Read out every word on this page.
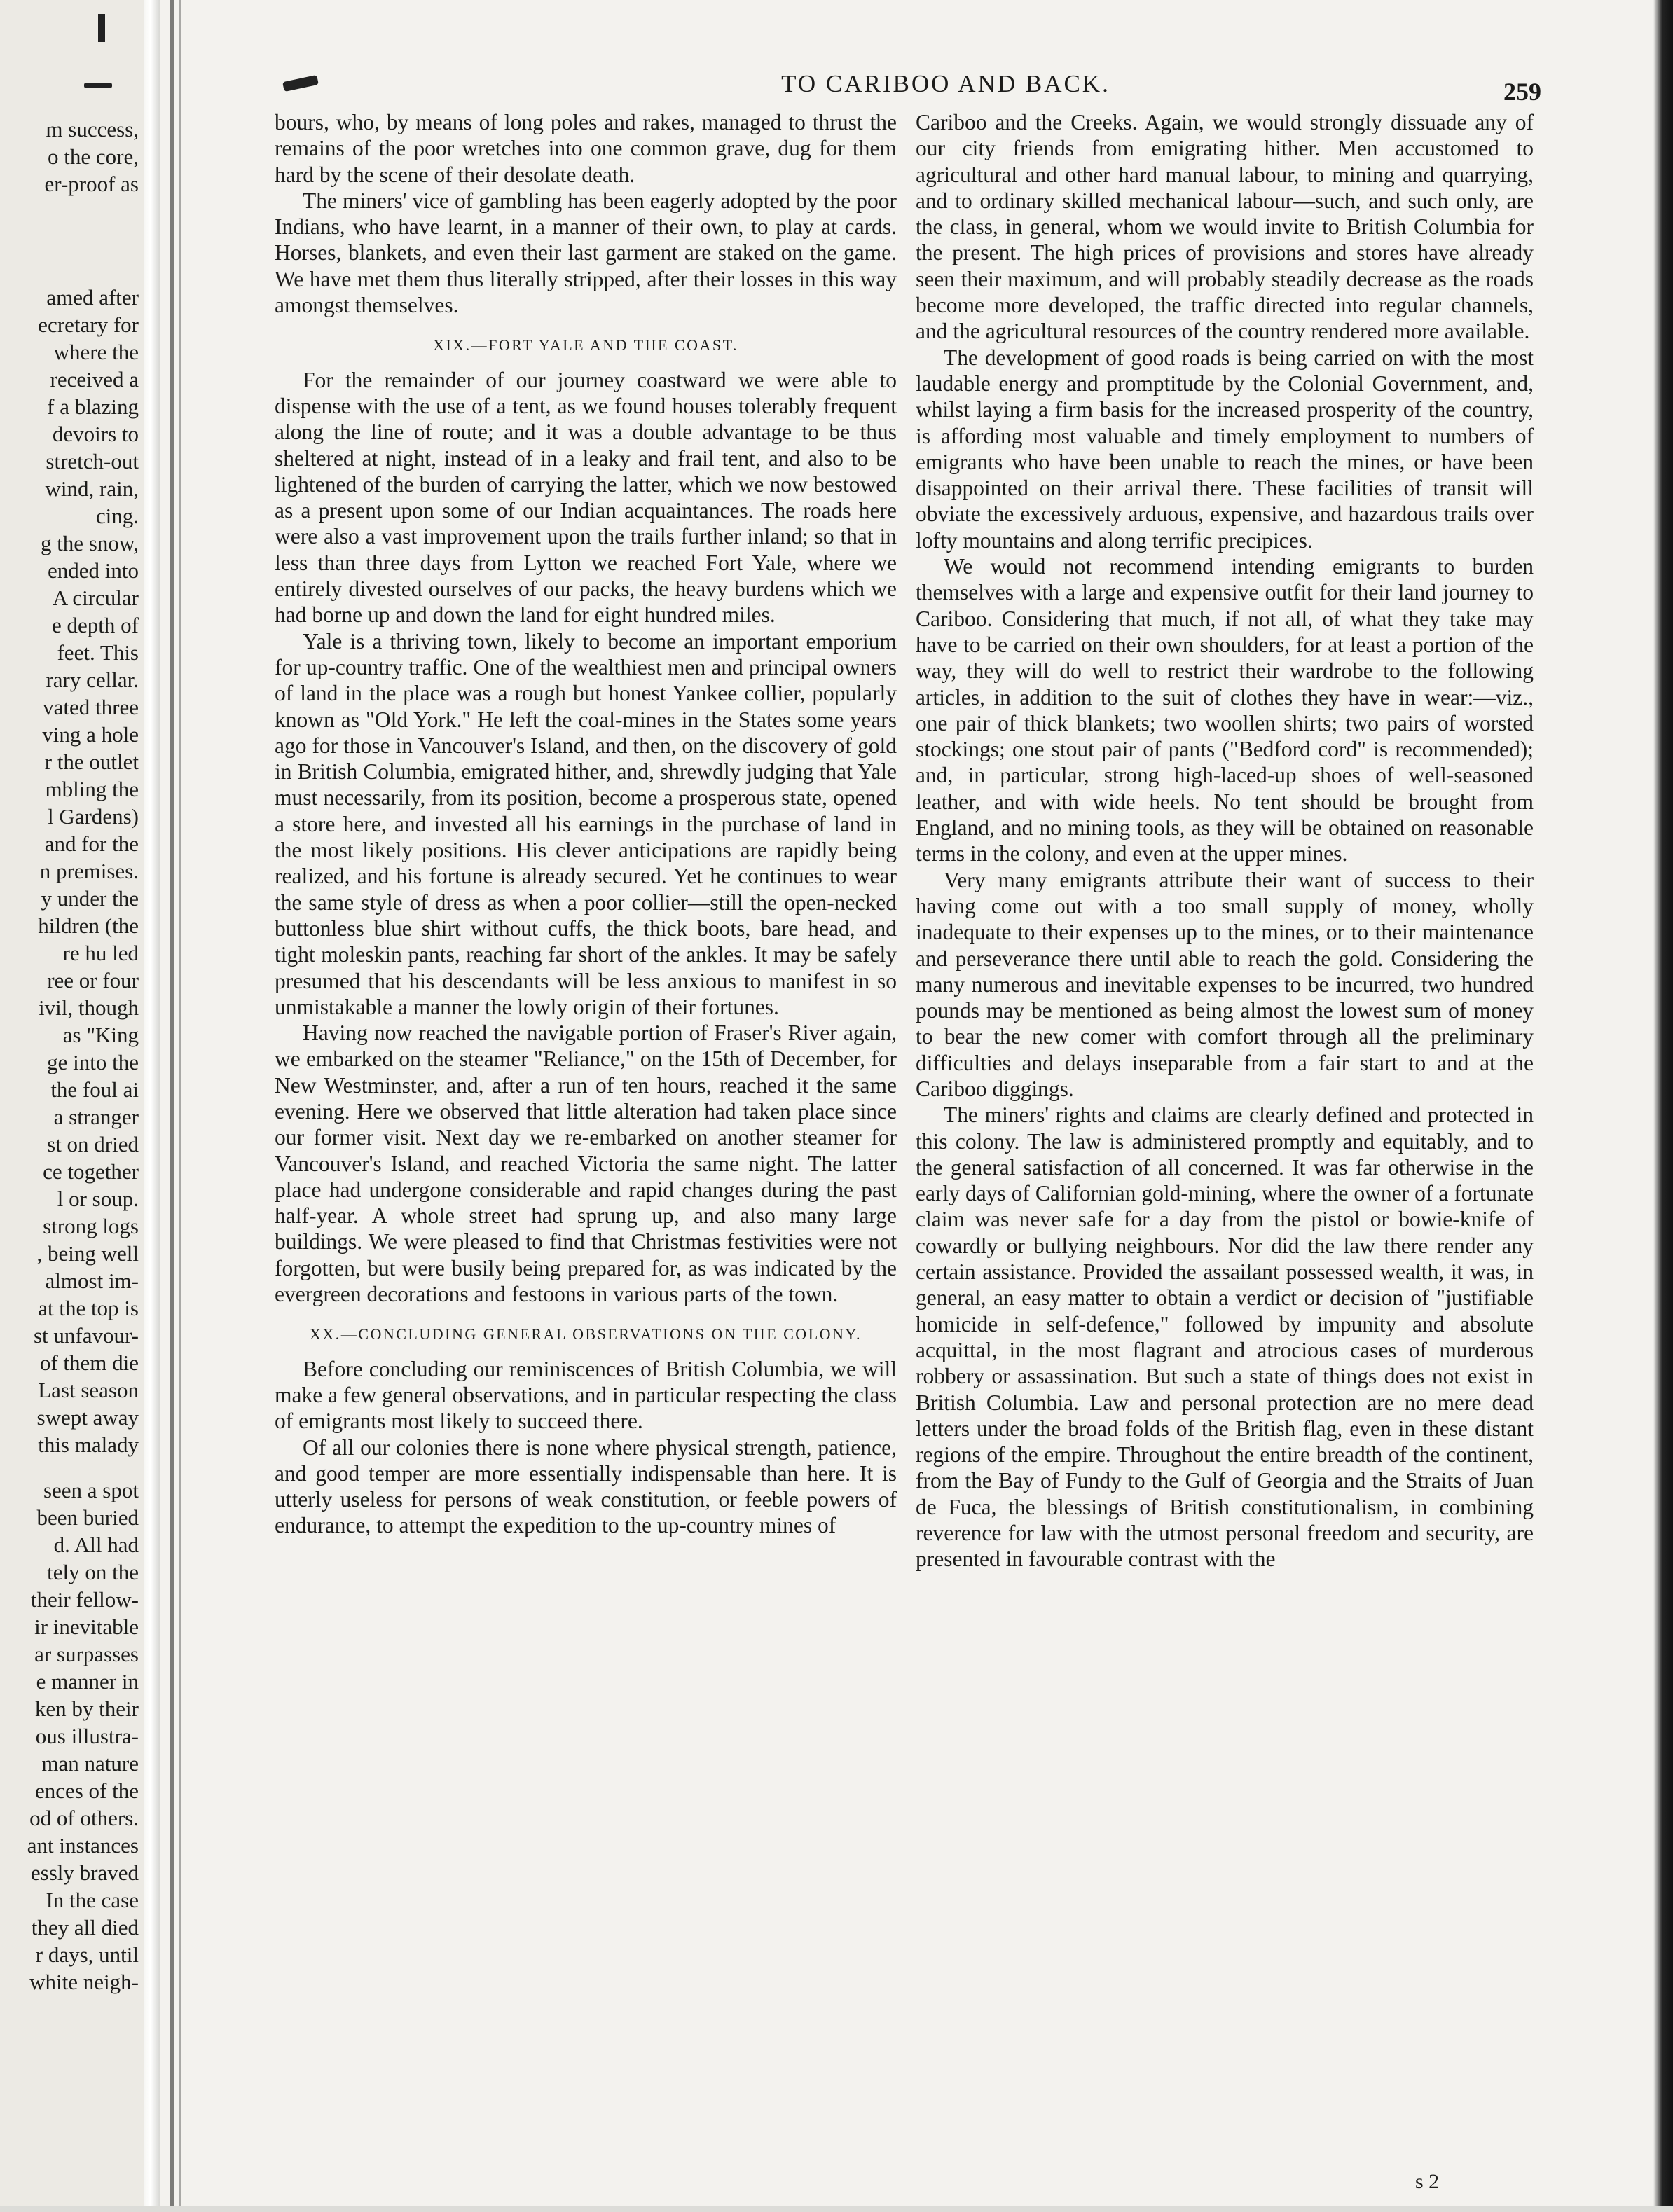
m success,
o the core,
er-proof as
amed after
ecretary for
where the
received a
f a blazing
devoirs to
stretch-out
wind, rain,
cing.
g the snow,
ended into
A circular
e depth of
feet. This
rary cellar.
vated three
ving a hole
r the outlet
mbling the
l Gardens)
and for the
n premises.
y under the
hildren (the
re hu led
ree or four
ivil, though
as "King
ge into the
the foul ai
a stranger
st on dried
ce together
l or soup.
strong logs
, being well
almost im-
at the top is
st unfavour-
of them die
Last season
swept away
this malady
seen a spot
been buried
d. All had
tely on the
their fellow-
ir inevitable
ar surpasses
e manner in
ken by their
ous illustra-
man nature
ences of the
od of others.
ant instances
essly braved
In the case
they all died
r days, until
white neigh-
TO CARIBOO AND BACK.	259

bours, who, by means of long poles and rakes, managed to thrust the remains of the poor wretches into one common grave, dug for them hard by the scene of their desolate death.

The miners' vice of gambling has been eagerly adopted by the poor Indians, who have learnt, in a manner of their own, to play at cards. Horses, blankets, and even their last garment are staked on the game. We have met them thus literally stripped, after their losses in this way amongst themselves.

XIX.—FORT YALE AND THE COAST.

For the remainder of our journey coastward we were able to dispense with the use of a tent, as we found houses tolerably frequent along the line of route; and it was a double advantage to be thus sheltered at night, instead of in a leaky and frail tent, and also to be lightened of the burden of carrying the latter, which we now bestowed as a present upon some of our Indian acquaintances. The roads here were also a vast improvement upon the trails further inland; so that in less than three days from Lytton we reached Fort Yale, where we entirely divested ourselves of our packs, the heavy burdens which we had borne up and down the land for eight hundred miles.

Yale is a thriving town, likely to become an important emporium for up-country traffic. One of the wealthiest men and principal owners of land in the place was a rough but honest Yankee collier, popularly known as "Old York." He left the coal-mines in the States some years ago for those in Vancouver's Island, and then, on the discovery of gold in British Columbia, emigrated hither, and, shrewdly judging that Yale must necessarily, from its position, become a prosperous state, opened a store here, and invested all his earnings in the purchase of land in the most likely positions. His clever anticipations are rapidly being realized, and his fortune is already secured. Yet he continues to wear the same style of dress as when a poor collier—still the open-necked buttonless blue shirt without cuffs, the thick boots, bare head, and tight moleskin pants, reaching far short of the ankles. It may be safely presumed that his descendants will be less anxious to manifest in so unmistakable a manner the lowly origin of their fortunes.

Having now reached the navigable portion of Fraser's River again, we embarked on the steamer "Reliance," on the 15th of December, for New Westminster, and, after a run of ten hours, reached it the same evening. Here we observed that little alteration had taken place since our former visit. Next day we re-embarked on another steamer for Vancouver's Island, and reached Victoria the same night. The latter place had undergone considerable and rapid changes during the past half-year. A whole street had sprung up, and also many large buildings. We were pleased to find that Christmas festivities were not forgotten, but were busily being prepared for, as was indicated by the evergreen decorations and festoons in various parts of the town.

XX.—CONCLUDING GENERAL OBSERVATIONS ON THE COLONY.

Before concluding our reminiscences of British Columbia, we will make a few general observations, and in particular respecting the class of emigrants most likely to succeed there.

Of all our colonies there is none where physical strength, patience, and good temper are more essentially indispensable than here. It is utterly useless for persons of weak constitution, or feeble powers of endurance, to attempt the expedition to the up-country mines of

Cariboo and the Creeks. Again, we would strongly dissuade any of our city friends from emigrating hither. Men accustomed to agricultural and other hard manual labour, to mining and quarrying, and to ordinary skilled mechanical labour—such, and such only, are the class, in general, whom we would invite to British Columbia for the present. The high prices of provisions and stores have already seen their maximum, and will probably steadily decrease as the roads become more developed, the traffic directed into regular channels, and the agricultural resources of the country rendered more available.

The development of good roads is being carried on with the most laudable energy and promptitude by the Colonial Government, and, whilst laying a firm basis for the increased prosperity of the country, is affording most valuable and timely employment to numbers of emigrants who have been unable to reach the mines, or have been disappointed on their arrival there. These facilities of transit will obviate the excessively arduous, expensive, and hazardous trails over lofty mountains and along terrific precipices.

We would not recommend intending emigrants to burden themselves with a large and expensive outfit for their land journey to Cariboo. Considering that much, if not all, of what they take may have to be carried on their own shoulders, for at least a portion of the way, they will do well to restrict their wardrobe to the following articles, in addition to the suit of clothes they have in wear:—viz., one pair of thick blankets; two woollen shirts; two pairs of worsted stockings; one stout pair of pants ("Bedford cord" is recommended); and, in particular, strong high-laced-up shoes of well-seasoned leather, and with wide heels. No tent should be brought from England, and no mining tools, as they will be obtained on reasonable terms in the colony, and even at the upper mines.

Very many emigrants attribute their want of success to their having come out with a too small supply of money, wholly inadequate to their expenses up to the mines, or to their maintenance and perseverance there until able to reach the gold. Considering the many numerous and inevitable expenses to be incurred, two hundred pounds may be mentioned as being almost the lowest sum of money to bear the new comer with comfort through all the preliminary difficulties and delays inseparable from a fair start to and at the Cariboo diggings.

The miners' rights and claims are clearly defined and protected in this colony. The law is administered promptly and equitably, and to the general satisfaction of all concerned. It was far otherwise in the early days of Californian gold-mining, where the owner of a fortunate claim was never safe for a day from the pistol or bowie-knife of cowardly or bullying neighbours. Nor did the law there render any certain assistance. Provided the assailant possessed wealth, it was, in general, an easy matter to obtain a verdict or decision of "justifiable homicide in self-defence," followed by impunity and absolute acquittal, in the most flagrant and atrocious cases of murderous robbery or assassination. But such a state of things does not exist in British Columbia. Law and personal protection are no mere dead letters under the broad folds of the British flag, even in these distant regions of the empire. Throughout the entire breadth of the continent, from the Bay of Fundy to the Gulf of Georgia and the Straits of Juan de Fuca, the blessings of British constitutionalism, in combining reverence for law with the utmost personal freedom and security, are presented in favourable contrast with the

s 2
